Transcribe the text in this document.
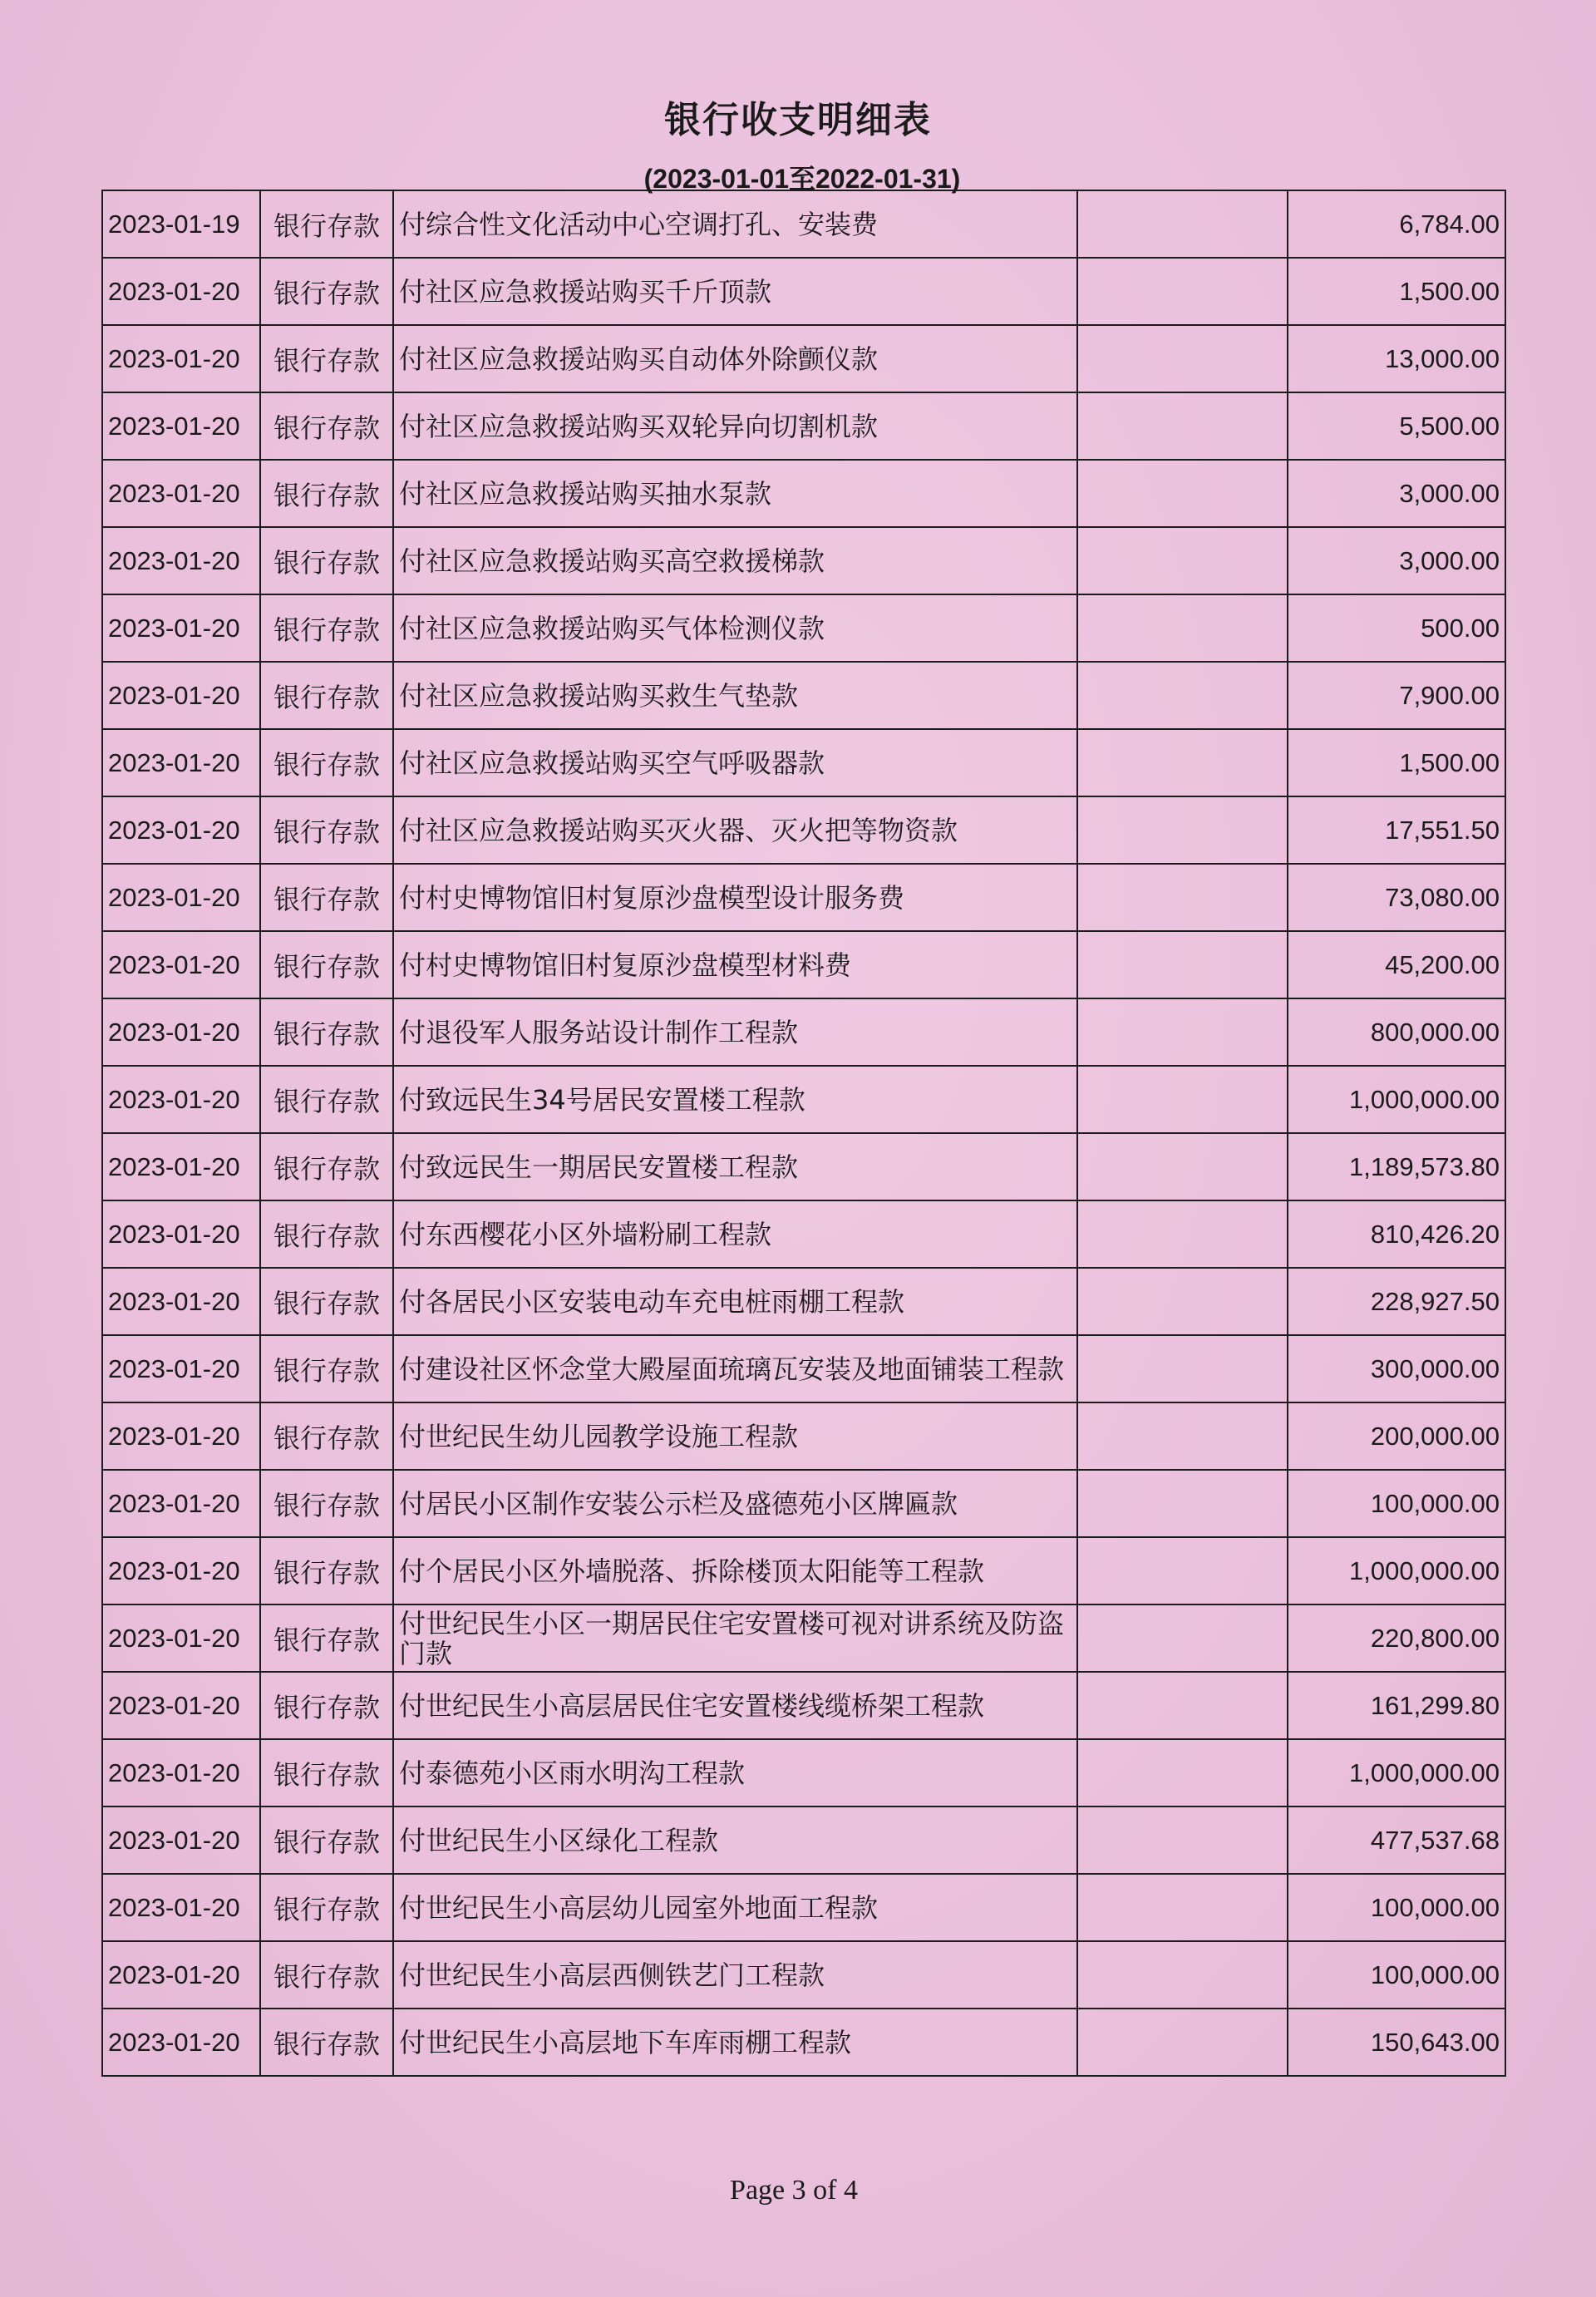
银行收支明细表
(2023-01-01至2022-01-31)
2023-01-19	银行存款	付综合性文化活动中心空调打孔、安装费		6,784.00
2023-01-20	银行存款	付社区应急救援站购买千斤顶款		1,500.00
2023-01-20	银行存款	付社区应急救援站购买自动体外除颤仪款		13,000.00
2023-01-20	银行存款	付社区应急救援站购买双轮异向切割机款		5,500.00
2023-01-20	银行存款	付社区应急救援站购买抽水泵款		3,000.00
2023-01-20	银行存款	付社区应急救援站购买高空救援梯款		3,000.00
2023-01-20	银行存款	付社区应急救援站购买气体检测仪款		500.00
2023-01-20	银行存款	付社区应急救援站购买救生气垫款		7,900.00
2023-01-20	银行存款	付社区应急救援站购买空气呼吸器款		1,500.00
2023-01-20	银行存款	付社区应急救援站购买灭火器、灭火把等物资款		17,551.50
2023-01-20	银行存款	付村史博物馆旧村复原沙盘模型设计服务费		73,080.00
2023-01-20	银行存款	付村史博物馆旧村复原沙盘模型材料费		45,200.00
2023-01-20	银行存款	付退役军人服务站设计制作工程款		800,000.00
2023-01-20	银行存款	付致远民生34号居民安置楼工程款		1,000,000.00
2023-01-20	银行存款	付致远民生一期居民安置楼工程款		1,189,573.80
2023-01-20	银行存款	付东西樱花小区外墙粉刷工程款		810,426.20
2023-01-20	银行存款	付各居民小区安装电动车充电桩雨棚工程款		228,927.50
2023-01-20	银行存款	付建设社区怀念堂大殿屋面琉璃瓦安装及地面铺装工程款		300,000.00
2023-01-20	银行存款	付世纪民生幼儿园教学设施工程款		200,000.00
2023-01-20	银行存款	付居民小区制作安装公示栏及盛德苑小区牌匾款		100,000.00
2023-01-20	银行存款	付个居民小区外墙脱落、拆除楼顶太阳能等工程款		1,000,000.00
2023-01-20	银行存款	付世纪民生小区一期居民住宅安置楼可视对讲系统及防盗门款		220,800.00
2023-01-20	银行存款	付世纪民生小高层居民住宅安置楼线缆桥架工程款		161,299.80
2023-01-20	银行存款	付泰德苑小区雨水明沟工程款		1,000,000.00
2023-01-20	银行存款	付世纪民生小区绿化工程款		477,537.68
2023-01-20	银行存款	付世纪民生小高层幼儿园室外地面工程款		100,000.00
2023-01-20	银行存款	付世纪民生小高层西侧铁艺门工程款		100,000.00
2023-01-20	银行存款	付世纪民生小高层地下车库雨棚工程款		150,643.00
Page 3 of 4
